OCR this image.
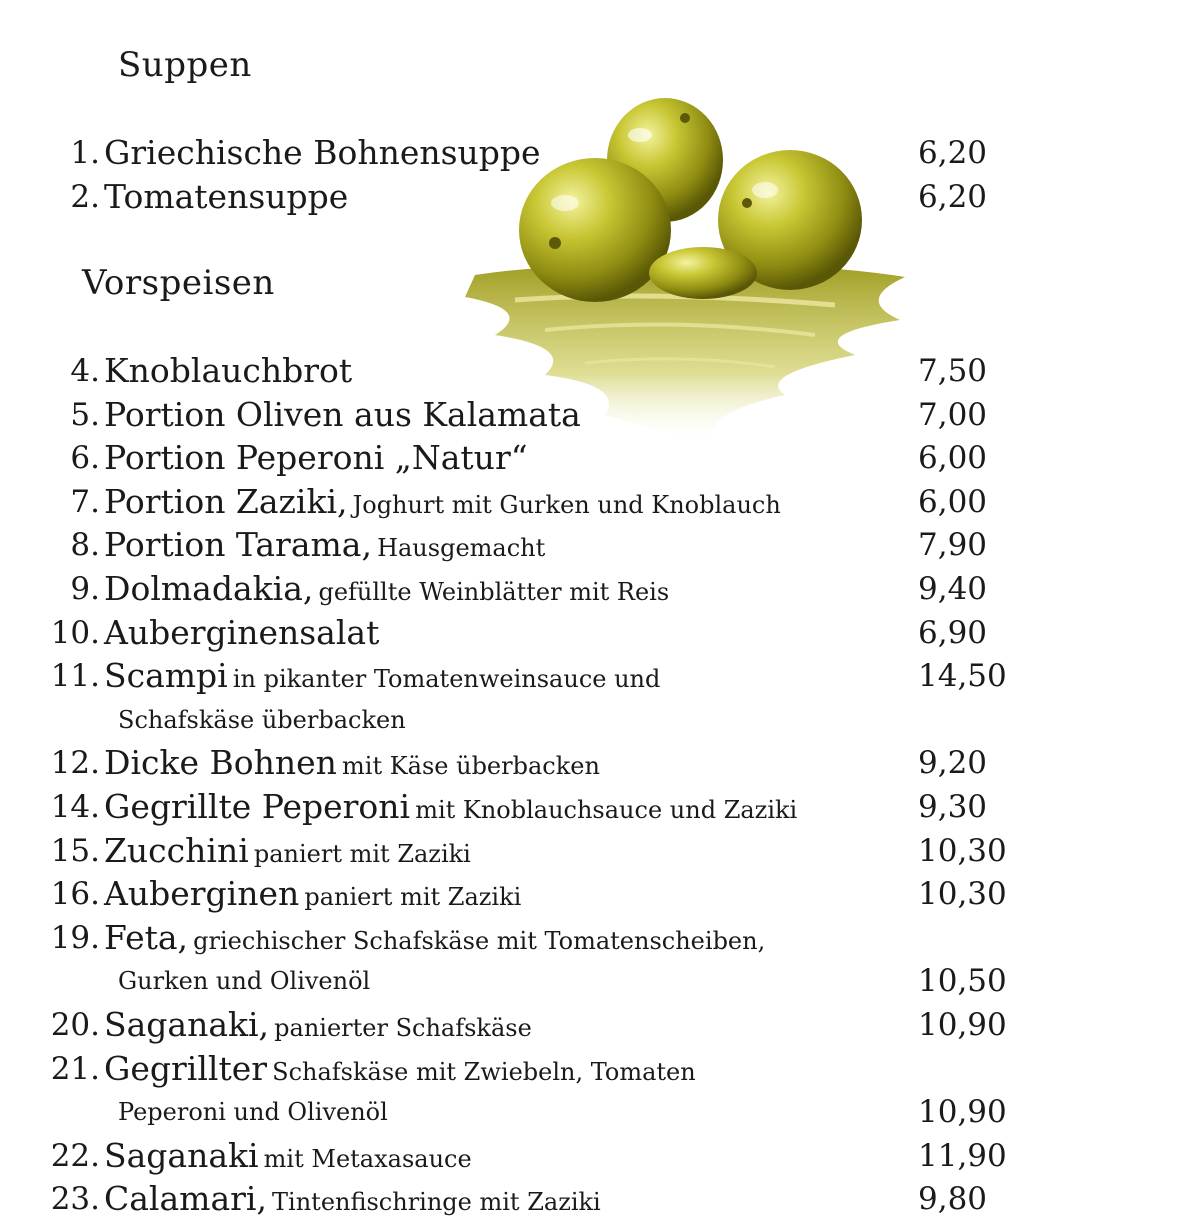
Suppen
1. Griechische Bohnensuppe	6,20
2. Tomatensuppe	6,20
Vorspeisen
4. Knoblauchbrot	7,50
5. Portion Oliven aus Kalamata	7,00
6. Portion Peperoni „Natur“	6,00
7. Portion Zaziki, Joghurt mit Gurken und Knoblauch	6,00
8. Portion Tarama, Hausgemacht	7,90
9. Dolmadakia, gefüllte Weinblätter mit Reis	9,40
10. Auberginensalat	6,90
11. Scampi in pikanter Tomatenweinsauce und	14,50
Schafskäse überbacken
12. Dicke Bohnen mit Käse überbacken	9,20
14. Gegrillte Peperoni mit Knoblauchsauce und Zaziki	9,30
15. Zucchini paniert mit Zaziki	10,30
16. Auberginen paniert mit Zaziki	10,30
19. Feta, griechischer Schafskäse mit Tomatenscheiben,
Gurken und Olivenöl	10,50
20. Saganaki, panierter Schafskäse	10,90
21. Gegrillter Schafskäse mit Zwiebeln, Tomaten
Peperoni und Olivenöl	10,90
22. Saganaki mit Metaxasauce	11,90
23. Calamari, Tintenfischringe mit Zaziki	9,80
